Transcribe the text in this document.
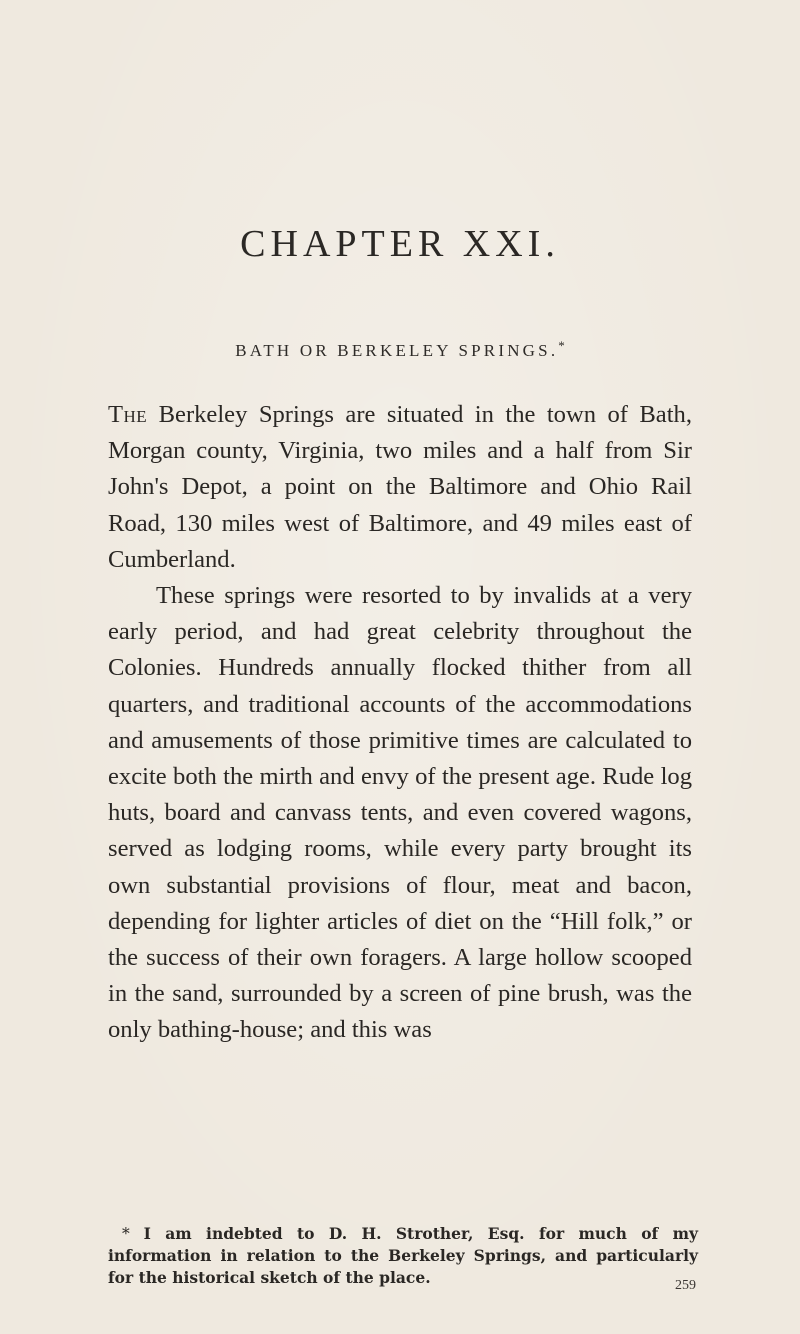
CHAPTER XXI.
BATH OR BERKELEY SPRINGS.*

The Berkeley Springs are situated in the town of Bath, Morgan county, Virginia, two miles and a half from Sir John's Depot, a point on the Baltimore and Ohio Rail Road, 130 miles west of Baltimore, and 49 miles east of Cumberland.

These springs were resorted to by invalids at a very early period, and had great celebrity throughout the Colonies. Hundreds annually flocked thither from all quarters, and traditional accounts of the accommodations and amusements of those primitive times are calculated to excite both the mirth and envy of the present age. Rude log huts, board and canvass tents, and even covered wagons, served as lodging rooms, while every party brought its own substantial provisions of flour, meat and bacon, depending for lighter articles of diet on the “Hill folk,” or the success of their own foragers. A large hollow scooped in the sand, surrounded by a screen of pine brush, was the only bathing-house; and this was

* I am indebted to D. H. Strother, Esq. for much of my information in relation to the Berkeley Springs, and particularly for the historical sketch of the place.	259
